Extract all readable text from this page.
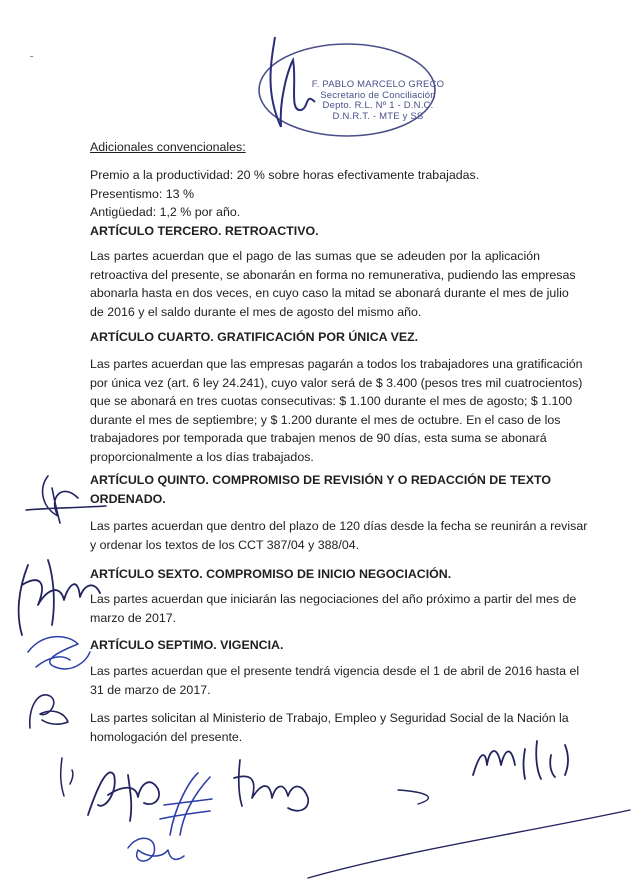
˜
F. PABLO MARCELO GRECO
Secretario de Conciliación
Depto. R.L. Nº 1 - D.N.C.
D.N.R.T. - MTE y SS
Adicionales convencionales:
Premio a la productividad: 20 % sobre horas efectivamente trabajadas.
Presentismo: 13 %
Antigüedad: 1,2 % por año.
ARTÍCULO TERCERO. RETROACTIVO.
Las partes acuerdan que el pago de las sumas que se adeuden por la aplicación
retroactiva del presente, se abonarán en forma no remunerativa, pudiendo las empresas
abonarla hasta en dos veces, en cuyo caso la mitad se abonará durante el mes de julio
de 2016 y el saldo durante el mes de agosto del mismo año.
ARTÍCULO CUARTO. GRATIFICACIÓN POR ÚNICA VEZ.
Las partes acuerdan que las empresas pagarán a todos los trabajadores una gratificación
por única vez (art. 6 ley 24.241), cuyo valor será de $ 3.400 (pesos tres mil cuatrocientos)
que se abonará en tres cuotas consecutivas: $ 1.100 durante el mes de agosto; $ 1.100
durante el mes de septiembre; y $ 1.200 durante el mes de octubre. En el caso de los
trabajadores por temporada que trabajen menos de 90 días, esta suma se abonará
proporcionalmente a los días trabajados.
ARTÍCULO QUINTO. COMPROMISO DE REVISIÓN Y O REDACCIÓN DE TEXTO
ORDENADO.
Las partes acuerdan que dentro del plazo de 120 días desde la fecha se reunirán a revisar
y ordenar los textos de los CCT 387/04 y 388/04.
ARTÍCULO SEXTO. COMPROMISO DE INICIO NEGOCIACIÓN.
Las partes acuerdan que iniciarán las negociaciones del año próximo a partir del mes de
marzo de 2017.
ARTÍCULO SEPTIMO. VIGENCIA.
Las partes acuerdan que el presente tendrá vigencia desde el 1 de abril de 2016 hasta el
31 de marzo de 2017.
Las partes solicitan al Ministerio de Trabajo, Empleo y Seguridad Social de la Nación la
homologación del presente.
